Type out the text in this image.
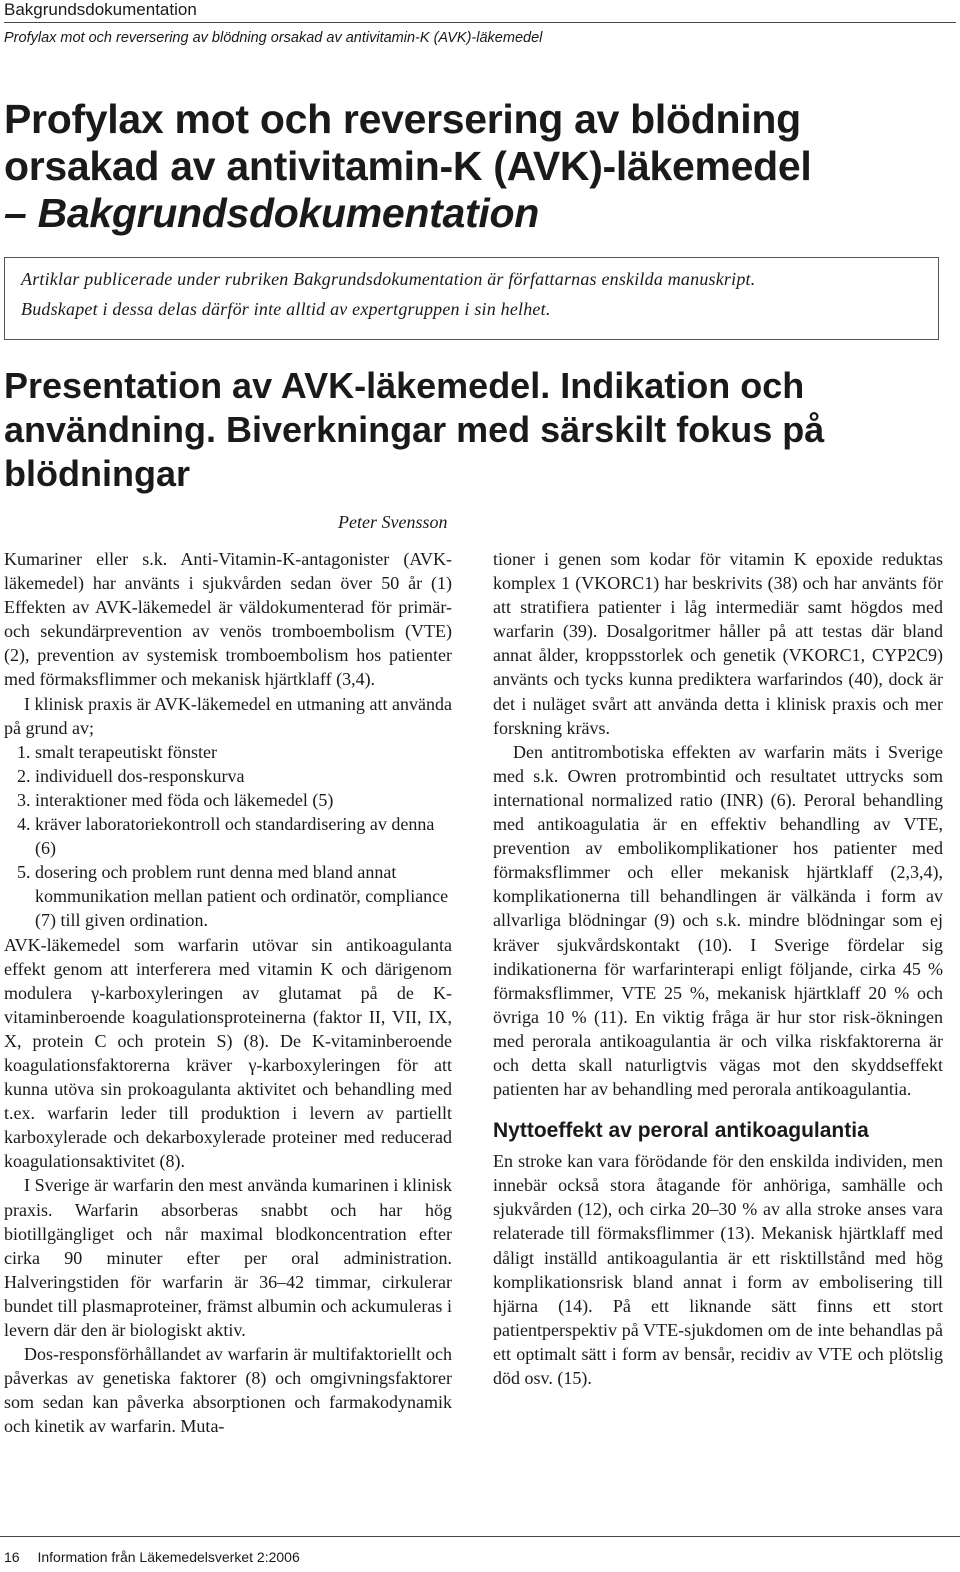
Bakgrundsdokumentation
Profylax mot och reversering av blödning orsakad av antivitamin-K (AVK)-läkemedel
Profylax mot och reversering av blödning
orsakad av antivitamin-K (AVK)-läkemedel
– Bakgrundsdokumentation
Artiklar publicerade under rubriken Bakgrundsdokumentation är författarnas enskilda manuskript.
Budskapet i dessa delas därför inte alltid av expertgruppen i sin helhet.
Presentation av AVK-läkemedel. Indikation och användning. Biverkningar med särskilt fokus på blödningar
Peter Svensson

Kumariner eller s.k. Anti-Vitamin-K-antagonister (AVK-läkemedel) har använts i sjukvården sedan över 50 år (1) Effekten av AVK-läkemedel är väldokumenterad för primär- och sekundärprevention av venös tromboembolism (VTE) (2), prevention av systemisk tromboembolism hos patienter med förmaksflimmer och mekanisk hjärtklaff (3,4).

I klinisk praxis är AVK-läkemedel en utmaning att använda på grund av;

1. smalt terapeutiskt fönster
2. individuell dos-responskurva
3. interaktioner med föda och läkemedel (5)
4. kräver laboratoriekontroll och standardisering av denna (6)
5. dosering och problem runt denna med bland annat kommunikation mellan patient och ordinatör, compliance (7) till given ordination.

AVK-läkemedel som warfarin utövar sin antikoagulanta effekt genom att interferera med vitamin K och därigenom modulera γ-karboxyleringen av glutamat på de K-vitaminberoende koagulationsproteinerna (faktor II, VII, IX, X, protein C och protein S) (8). De K-vitaminberoende koagulationsfaktorerna kräver γ-karboxyleringen för att kunna utöva sin prokoagulanta aktivitet och behandling med t.ex. warfarin leder till produktion i levern av partiellt karboxylerade och dekarboxylerade proteiner med reducerad koagulationsaktivitet (8).

I Sverige är warfarin den mest använda kumarinen i klinisk praxis. Warfarin absorberas snabbt och har hög biotillgängliget och når maximal blodkoncentration efter cirka 90 minuter efter per oral administration. Halveringstiden för warfarin är 36–42 timmar, cirkulerar bundet till plasmaproteiner, främst albumin och ackumuleras i levern där den är biologiskt aktiv.

Dos-responsförhållandet av warfarin är multifaktoriellt och påverkas av genetiska faktorer (8) och omgivningsfaktorer som sedan kan påverka absorptionen och farmakodynamik och kinetik av warfarin. Muta-

tioner i genen som kodar för vitamin K epoxide reduktas komplex 1 (VKORC1) har beskrivits (38) och har använts för att stratifiera patienter i låg intermediär samt högdos med warfarin (39). Dosalgoritmer håller på att testas där bland annat ålder, kroppsstorlek och genetik (VKORC1, CYP2C9) använts och tycks kunna prediktera warfarindos (40), dock är det i nuläget svårt att använda detta i klinisk praxis och mer forskning krävs.

Den antitrombotiska effekten av warfarin mäts i Sverige med s.k. Owren protrombintid och resultatet uttrycks som international normalized ratio (INR) (6). Peroral behandling med antikoagulatia är en effektiv behandling av VTE, prevention av embolikomplikationer hos patienter med förmaksflimmer och eller mekanisk hjärtklaff (2,3,4), komplikationerna till behandlingen är välkända i form av allvarliga blödningar (9) och s.k. mindre blödningar som ej kräver sjukvårdskontakt (10). I Sverige fördelar sig indikationerna för warfarinterapi enligt följande, cirka 45 % förmaksflimmer, VTE 25 %, mekanisk hjärtklaff 20 % och övriga 10 % (11). En viktig fråga är hur stor risk-ökningen med perorala antikoagulantia är och vilka riskfaktorerna är och detta skall naturligtvis vägas mot den skyddseffekt patienten har av behandling med perorala antikoagulantia.

Nyttoeffekt av peroral antikoagulantia

En stroke kan vara förödande för den enskilda individen, men innebär också stora åtagande för anhöriga, samhälle och sjukvården (12), och cirka 20–30 % av alla stroke anses vara relaterade till förmaksflimmer (13). Mekanisk hjärtklaff med dåligt inställd antikoagulantia är ett risktillstånd med hög komplikationsrisk bland annat i form av embolisering till hjärna (14). På ett liknande sätt finns ett stort patientperspektiv på VTE-sjukdomen om de inte behandlas på ett optimalt sätt i form av bensår, recidiv av VTE och plötslig död osv. (15).

16 Information från Läkemedelsverket 2:2006
